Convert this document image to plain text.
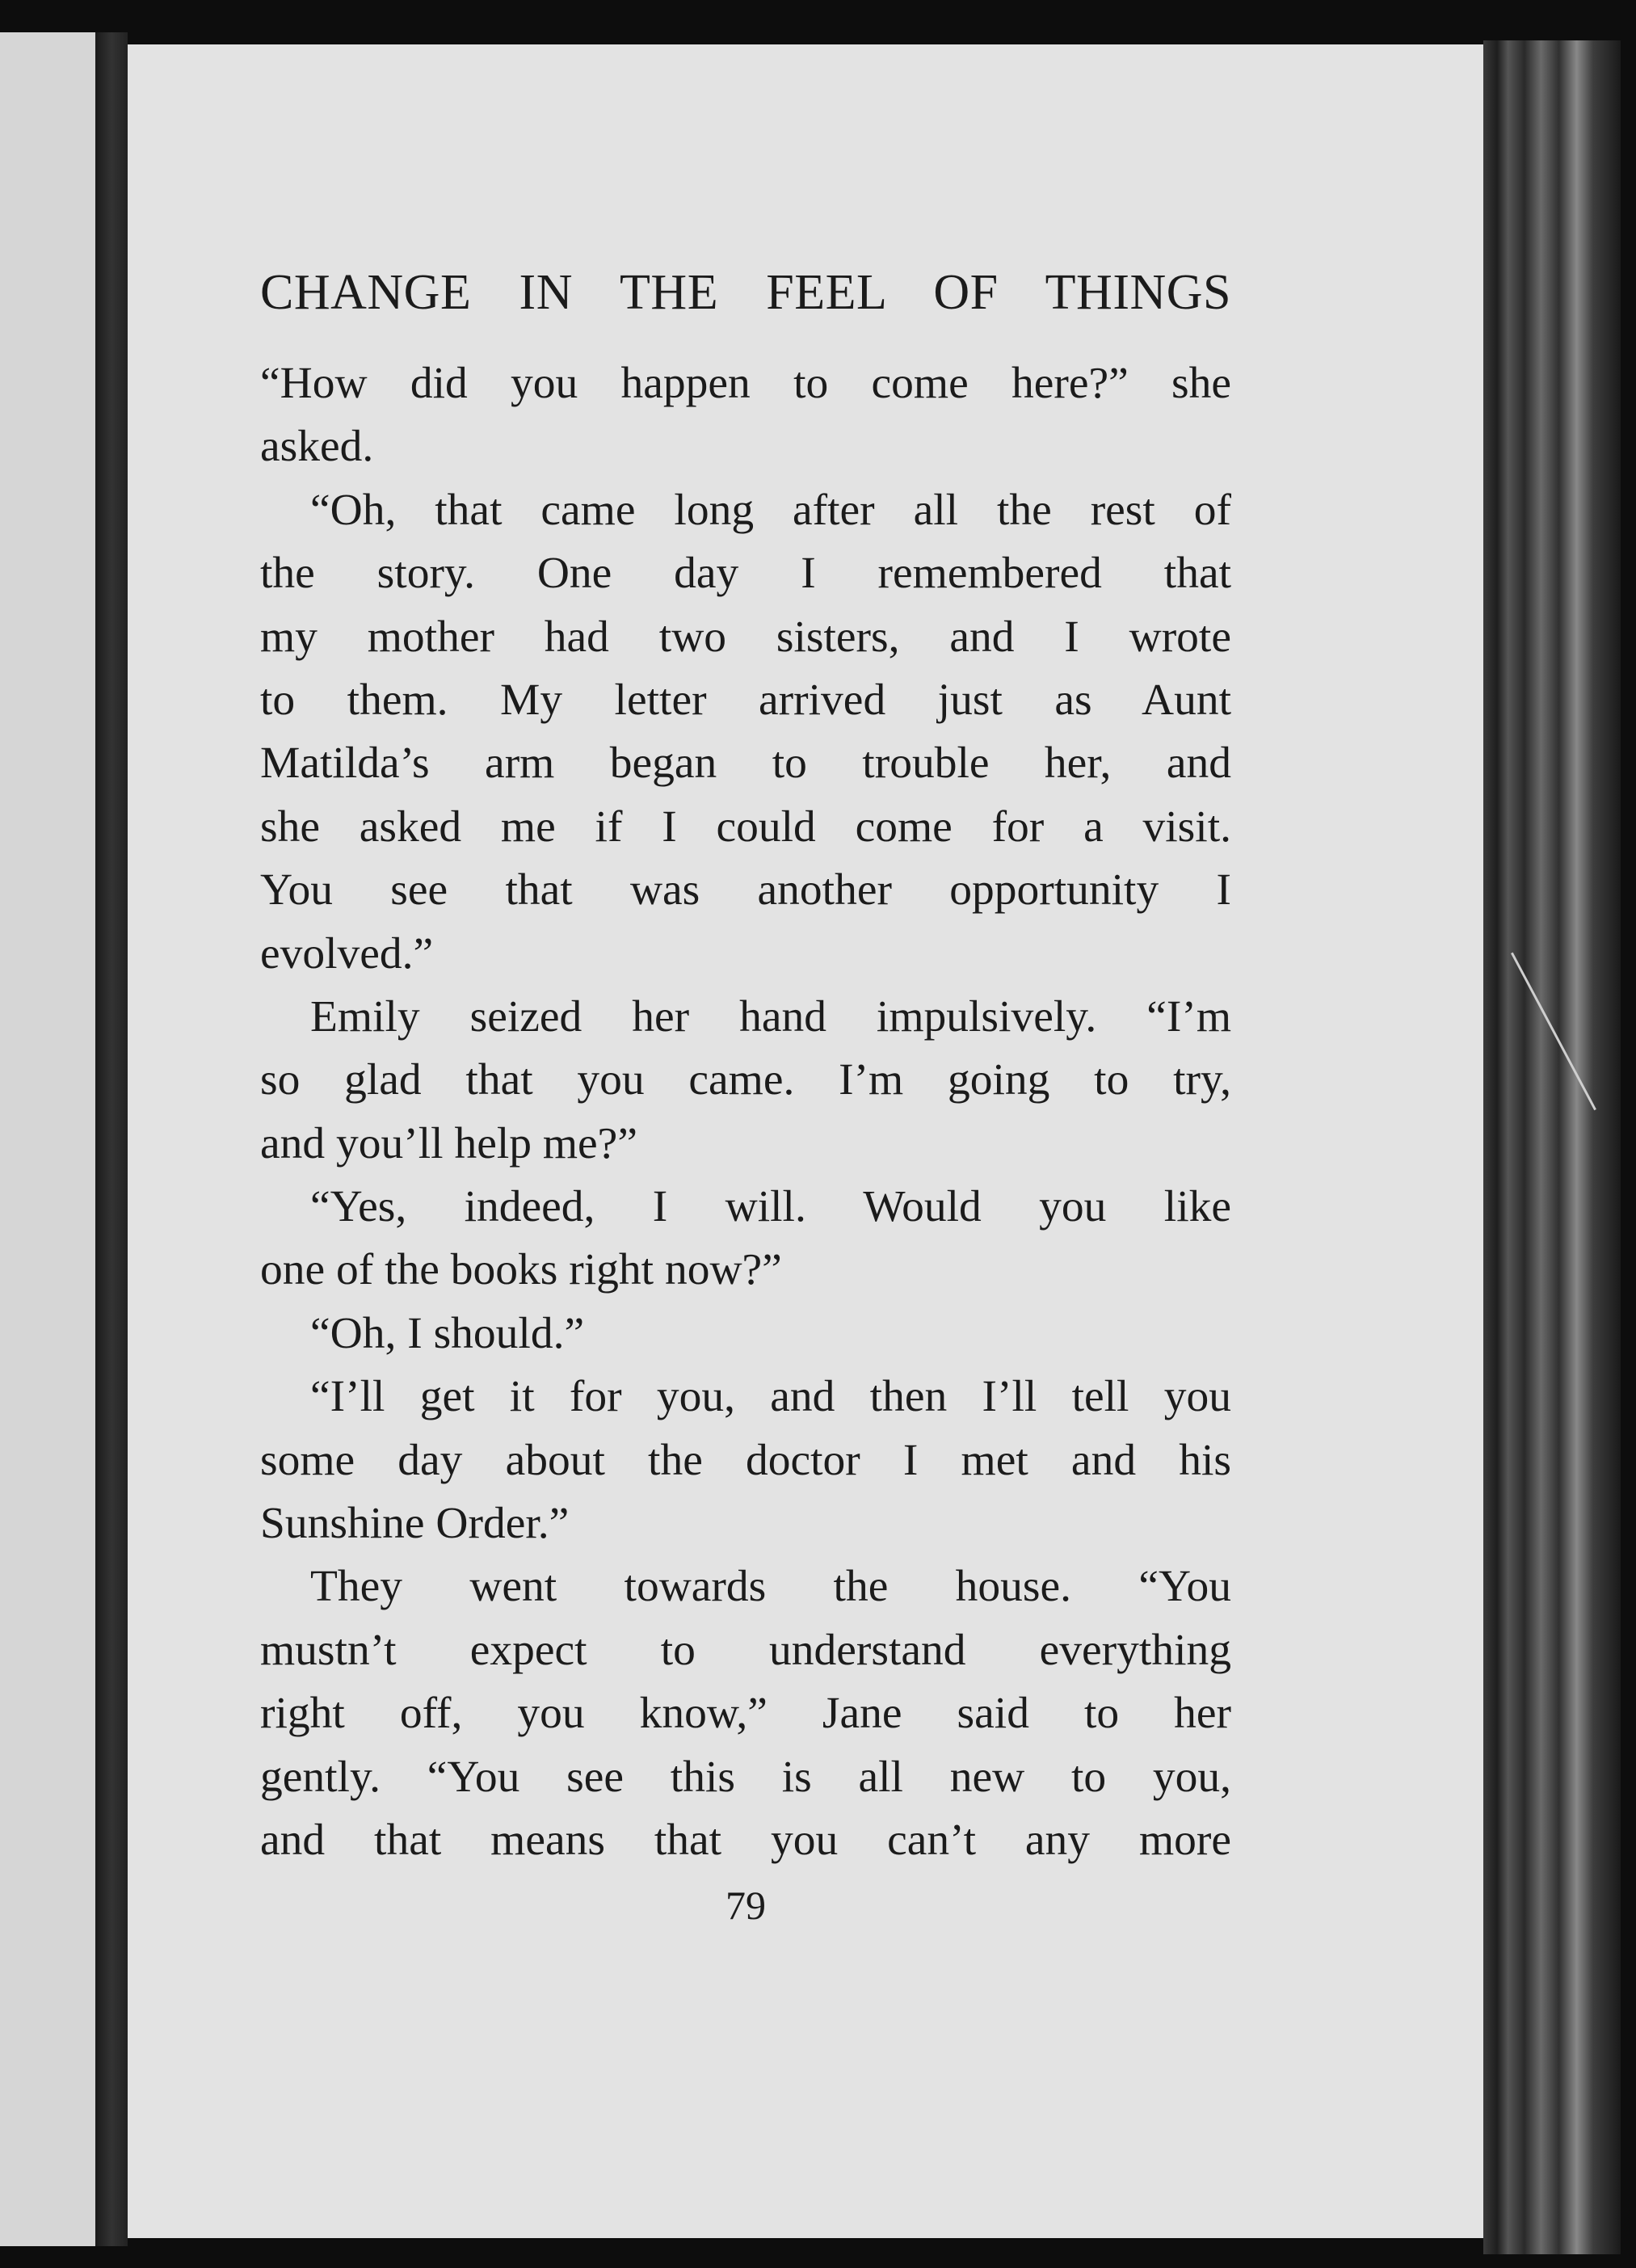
CHANGE IN THE FEEL OF THINGS
“How did you happen to come here?” she
asked.
“Oh, that came long after all the rest of
the story. One day I remembered that
my mother had two sisters, and I wrote
to them. My letter arrived just as Aunt
Matilda’s arm began to trouble her, and
she asked me if I could come for a visit.
You see that was another opportunity I
evolved.”
Emily seized her hand impulsively. “I’m
so glad that you came. I’m going to try,
and you’ll help me?”
“Yes, indeed, I will. Would you like
one of the books right now?”
“Oh, I should.”
“I’ll get it for you, and then I’ll tell you
some day about the doctor I met and his
Sunshine Order.”
They went towards the house. “You
mustn’t expect to understand everything
right off, you know,” Jane said to her
gently. “You see this is all new to you,
and that means that you can’t any more
79
